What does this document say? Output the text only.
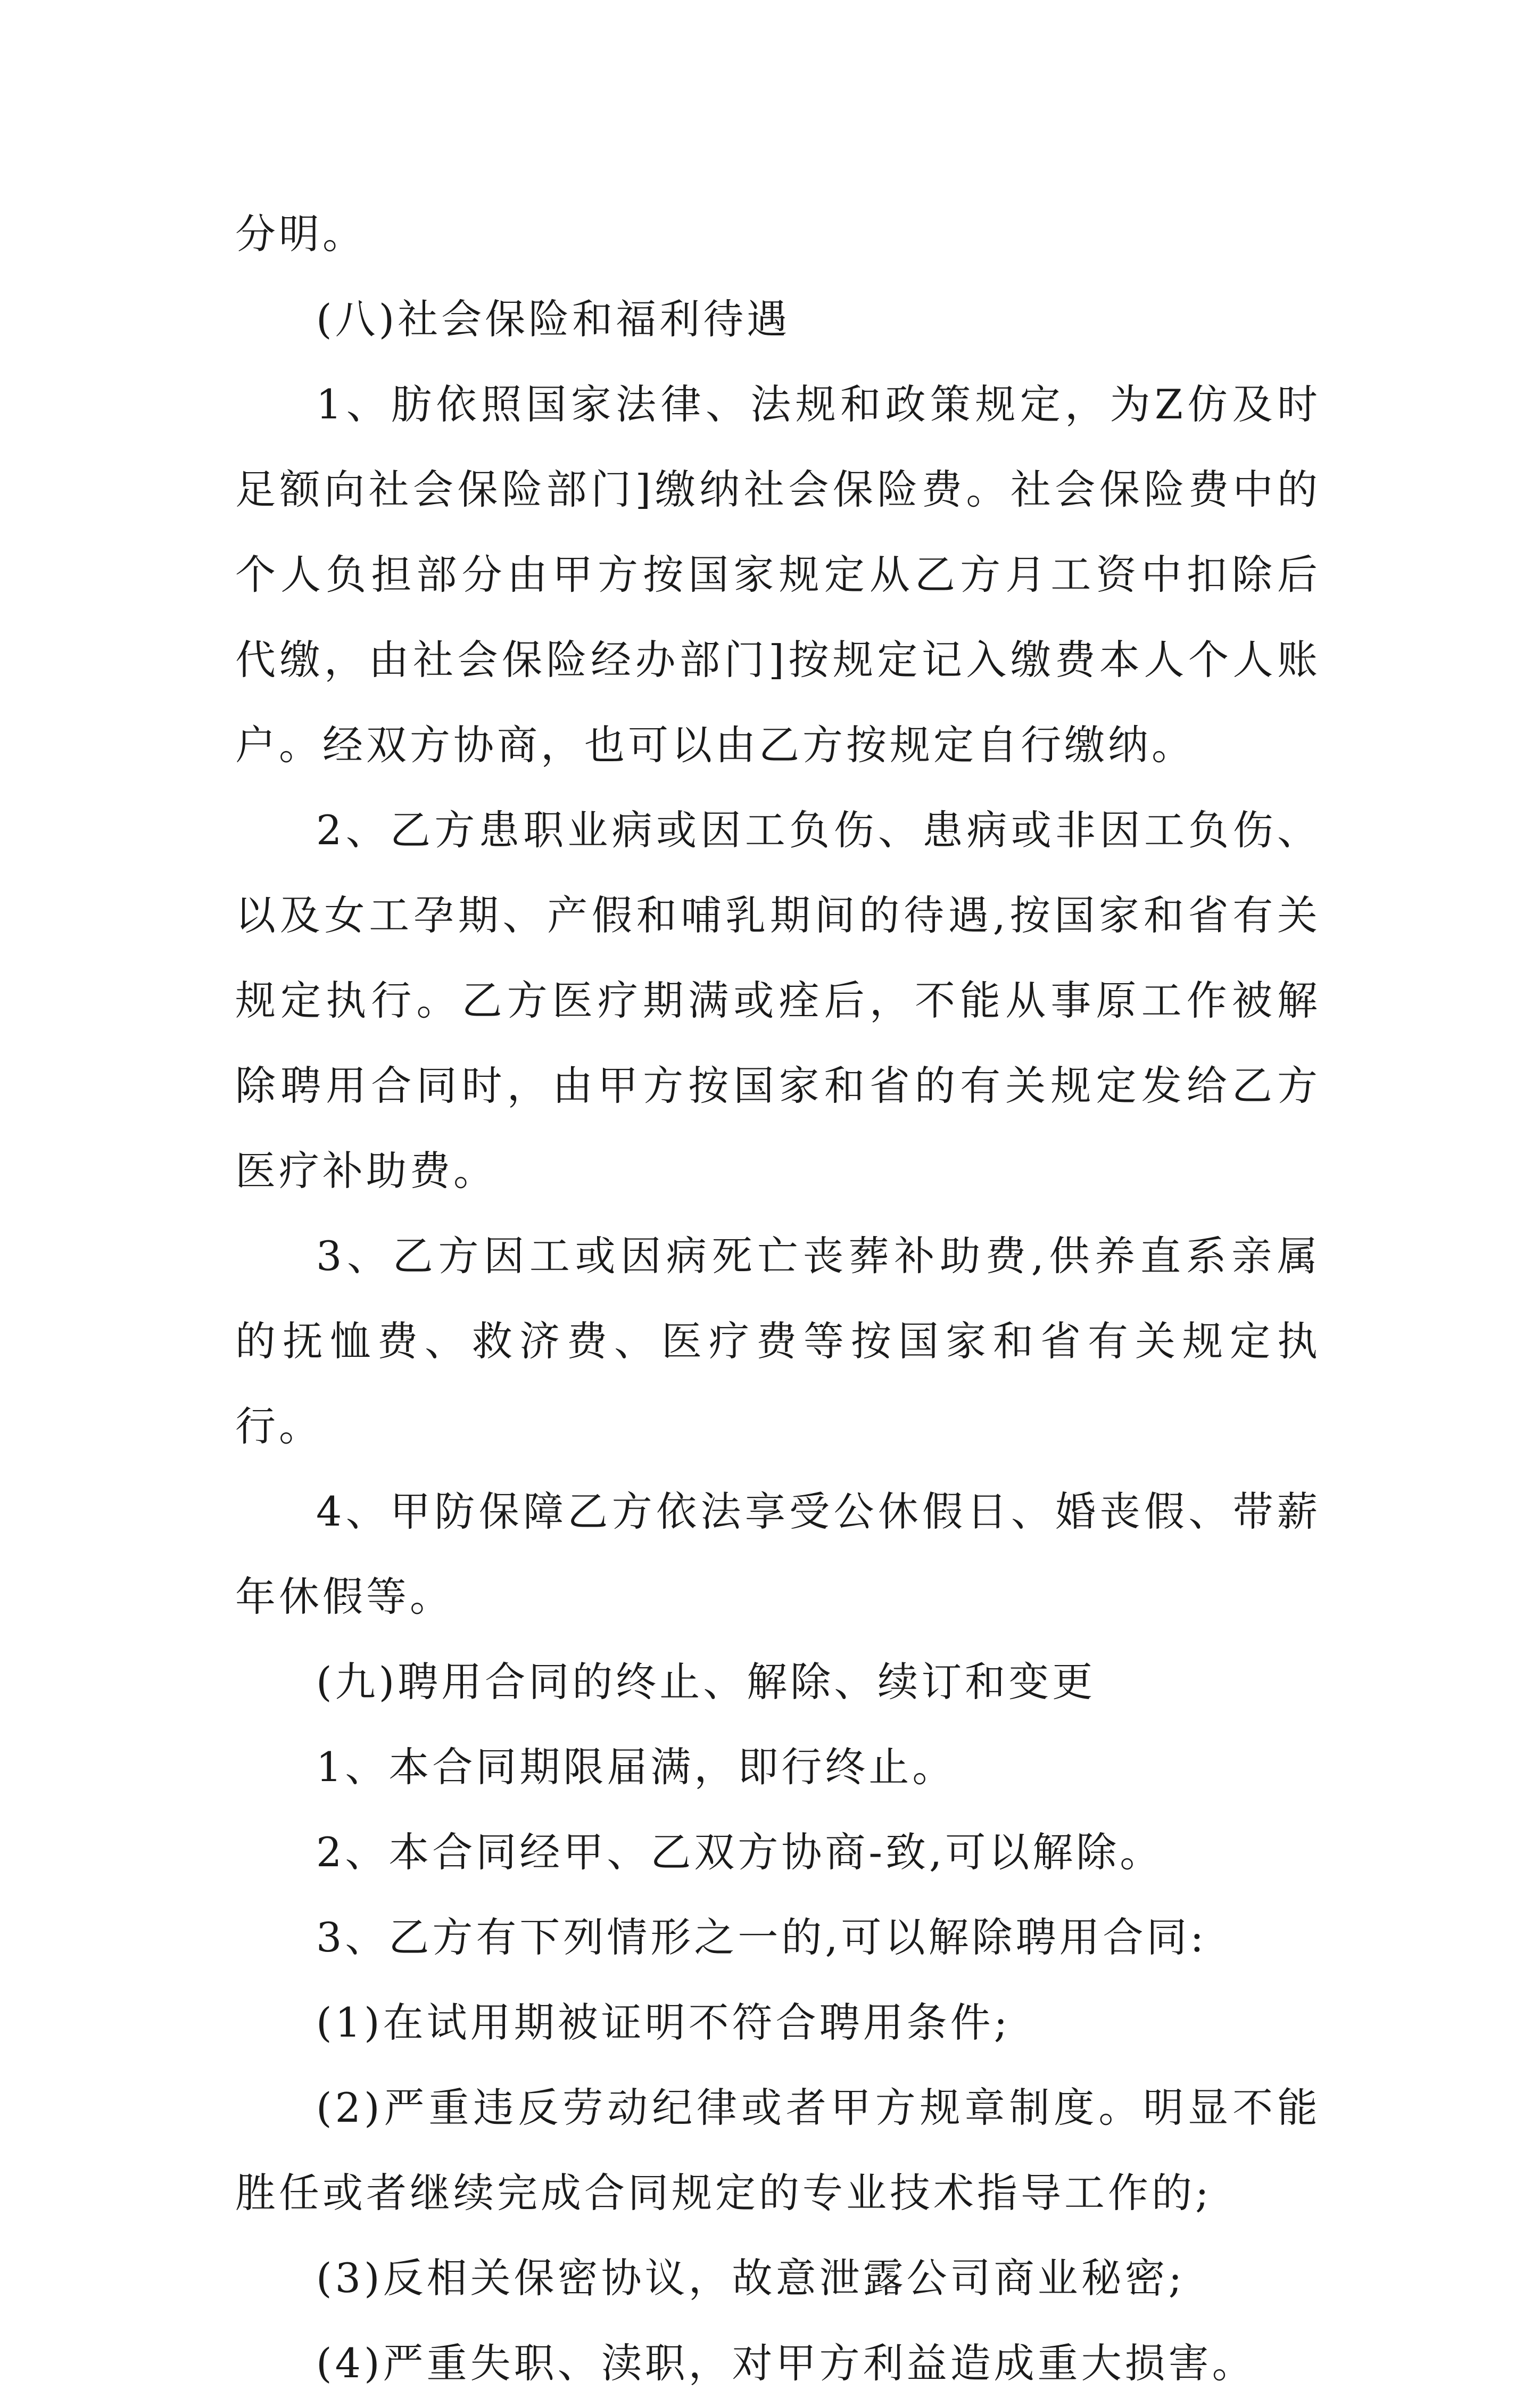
分明。

(八)社会保险和福利待遇

1、肪依照国家法律、法规和政策规定，为Z仿及时足额向社会保险部门]缴纳社会保险费。社会保险费中的个人负担部分由甲方按国家规定从乙方月工资中扣除后代缴，由社会保险经办部门]按规定记入缴费本人个人账户。经双方协商，也可以由乙方按规定自行缴纳。

2、乙方患职业病或因工负伤、患病或非因工负伤、以及女工孕期、产假和哺乳期间的待遇,按国家和省有关规定执行。乙方医疗期满或痊后，不能从事原工作被解除聘用合同时，由甲方按国家和省的有关规定发给乙方医疗补助费。

3、乙方因工或因病死亡丧葬补助费,供养直系亲属的抚恤费、救济费、医疗费等按国家和省有关规定执行。

4、甲防保障乙方依法享受公休假日、婚丧假、带薪年休假等。

(九)聘用合同的终止、解除、续订和变更

1、本合同期限届满，即行终止。

2、本合同经甲、乙双方协商-致,可以解除。

3、乙方有下列情形之一的,可以解除聘用合同:

(1)在试用期被证明不符合聘用条件;

(2)严重违反劳动纪律或者甲方规章制度。明显不能胜任或者继续完成合同规定的专业技术指导工作的;

(3)反相关保密协议，故意泄露公司商业秘密;

(4)严重失职、渎职，对甲方利益造成重大损害。
